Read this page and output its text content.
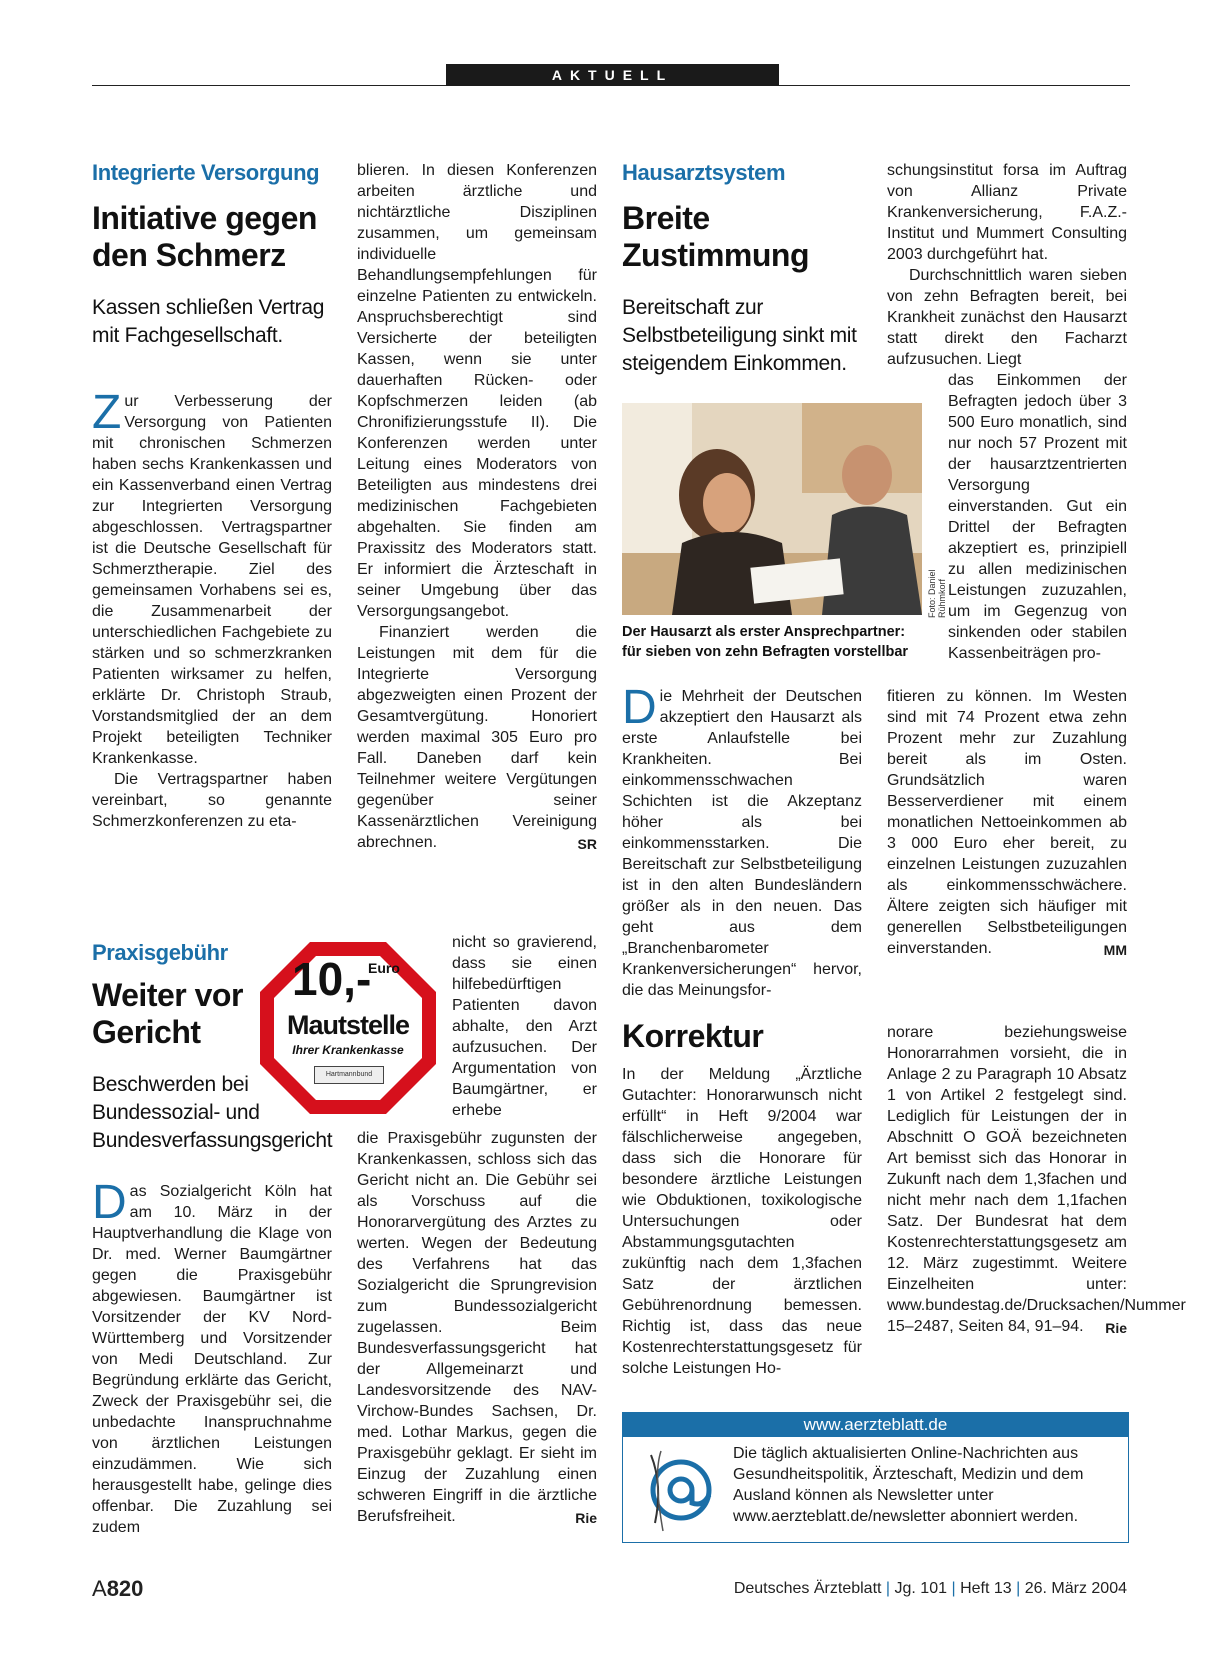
AKTUELL
Integrierte Versorgung
Initiative gegen den Schmerz
Kassen schließen Vertrag mit Fachgesellschaft.

Zur Verbesserung der Versorgung von Patienten mit chronischen Schmerzen haben sechs Krankenkassen und ein Kassenverband einen Vertrag zur Integrierten Versorgung abgeschlossen. Vertragspartner ist die Deutsche Gesellschaft für Schmerztherapie. Ziel des gemeinsamen Vorhabens sei es, die Zusammenarbeit der unterschiedlichen Fachgebiete zu stärken und so schmerzkranken Patienten wirksamer zu helfen, erklärte Dr. Christoph Straub, Vorstandsmitglied der an dem Projekt beteiligten Techniker Krankenkasse.

Die Vertragspartner haben vereinbart, so genannte Schmerzkonferenzen zu eta-

blieren. In diesen Konferenzen arbeiten ärztliche und nichtärztliche Disziplinen zusammen, um gemeinsam individuelle Behandlungsempfehlungen für einzelne Patienten zu entwickeln. Anspruchsberechtigt sind Versicherte der beteiligten Kassen, wenn sie unter dauerhaften Rücken- oder Kopfschmerzen leiden (ab Chronifizierungsstufe II). Die Konferenzen werden unter Leitung eines Moderators von Beteiligten aus mindestens drei medizinischen Fachgebieten abgehalten. Sie finden am Praxissitz des Moderators statt. Er informiert die Ärzteschaft in seiner Umgebung über das Versorgungsangebot.

Finanziert werden die Leistungen mit dem für die Integrierte Versorgung abgezweigten einen Prozent der Gesamtvergütung. Honoriert werden maximal 305 Euro pro Fall. Daneben darf kein Teilnehmer weitere Vergütungen gegenüber seiner Kassenärztlichen Vereinigung abrechnen.	SR

Hausarztsystem
Breite Zustimmung
Bereitschaft zur Selbstbeteiligung sinkt mit steigendem Einkommen.
Foto: Daniel Rühmkorf
Der Hausarzt als erster Ansprechpartner: für sieben von zehn Befragten vorstellbar

Die Mehrheit der Deutschen akzeptiert den Hausarzt als erste Anlaufstelle bei Krankheiten. Bei einkommensschwachen Schichten ist die Akzeptanz höher als bei einkommensstarken. Die Bereitschaft zur Selbstbeteiligung ist in den alten Bundesländern größer als in den neuen. Das geht aus dem „Branchenbarometer Krankenversicherungen“ hervor, die das Meinungsfor-

schungsinstitut forsa im Auftrag von Allianz Private Krankenversicherung, F.A.Z.-Institut und Mummert Consulting 2003 durchgeführt hat.

Durchschnittlich waren sieben von zehn Befragten bereit, bei Krankheit zunächst den Hausarzt statt direkt den Facharzt aufzusuchen. Liegt

das Einkommen der Befragten jedoch über 3 500 Euro monatlich, sind nur noch 57 Prozent mit der hausarztzentrierten Versorgung einverstanden. Gut ein Drittel der Befragten akzeptiert es, prinzipiell zu allen medizinischen Leistungen zuzuzahlen, um im Gegenzug von sinkenden oder stabilen Kassenbeiträgen pro-

fitieren zu können. Im Westen sind mit 74 Prozent etwa zehn Prozent mehr zur Zuzahlung bereit als im Osten. Grundsätzlich waren Besserverdiener mit einem monatlichen Nettoeinkommen ab 3 000 Euro eher bereit, zu einzelnen Leistungen zuzuzahlen als einkommensschwächere. Ältere zeigten sich häufiger mit generellen Selbstbeteiligungen einverstanden.	MM

Praxisgebühr
Weiter vor Gericht
Beschwerden bei Bundessozial- und Bundesverfassungsgericht
10,-
Euro
Mautstelle
Ihrer Krankenkasse
Hartmannbund

Das Sozialgericht Köln hat am 10. März in der Hauptverhandlung die Klage von Dr. med. Werner Baumgärtner gegen die Praxisgebühr abgewiesen. Baumgärtner ist Vorsitzender der KV Nord-Württemberg und Vorsitzender von Medi Deutschland. Zur Begründung erklärte das Gericht, Zweck der Praxisgebühr sei, die unbedachte Inanspruchnahme von ärztlichen Leistungen einzudämmen. Wie sich herausgestellt habe, gelinge dies offenbar. Die Zuzahlung sei zudem

nicht so gravierend, dass sie einen hilfebedürftigen Patienten davon abhalte, den Arzt aufzusuchen. Der Argumentation von Baumgärtner, er erhebe

die Praxisgebühr zugunsten der Krankenkassen, schloss sich das Gericht nicht an. Die Gebühr sei als Vorschuss auf die Honorarvergütung des Arztes zu werten. Wegen der Bedeutung des Verfahrens hat das Sozialgericht die Sprungrevision zum Bundessozialgericht zugelassen. Beim Bundesverfassungsgericht hat der Allgemeinarzt und Landesvorsitzende des NAV-Virchow-Bundes Sachsen, Dr. med. Lothar Markus, gegen die Praxisgebühr geklagt. Er sieht im Einzug der Zuzahlung einen schweren Eingriff in die ärztliche Berufsfreiheit.	Rie

Korrektur

In der Meldung „Ärztliche Gutachter: Honorarwunsch nicht erfüllt“ in Heft 9/2004 war fälschlicherweise angegeben, dass sich die Honorare für besondere ärztliche Leistungen wie Obduktionen, toxikologische Untersuchungen oder Abstammungsgutachten zukünftig nach dem 1,3fachen Satz der ärztlichen Gebührenordnung bemessen. Richtig ist, dass das neue Kostenrechterstattungsgesetz für solche Leistungen Ho-

norare beziehungsweise Honorarrahmen vorsieht, die in Anlage 2 zu Paragraph 10 Absatz 1 von Artikel 2 festgelegt sind. Lediglich für Leistungen der in Abschnitt O GOÄ bezeichneten Art bemisst sich das Honorar in Zukunft nach dem 1,3fachen und nicht mehr nach dem 1,1fachen Satz. Der Bundesrat hat dem Kostenrechterstattungsgesetz am 12. März zugestimmt. Weitere Einzelheiten unter: www.bundestag.de/Drucksachen/Nummer 15–2487, Seiten 84, 91–94. Rie

www.aerzteblatt.de
Die täglich aktualisierten Online-Nachrichten aus Gesundheitspolitik, Ärzteschaft, Medizin und dem Ausland können als Newsletter unter www.aerzteblatt.de/newsletter abonniert werden.
A820	Deutsches Ärzteblatt | Jg. 101 | Heft 13 | 26. März 2004
